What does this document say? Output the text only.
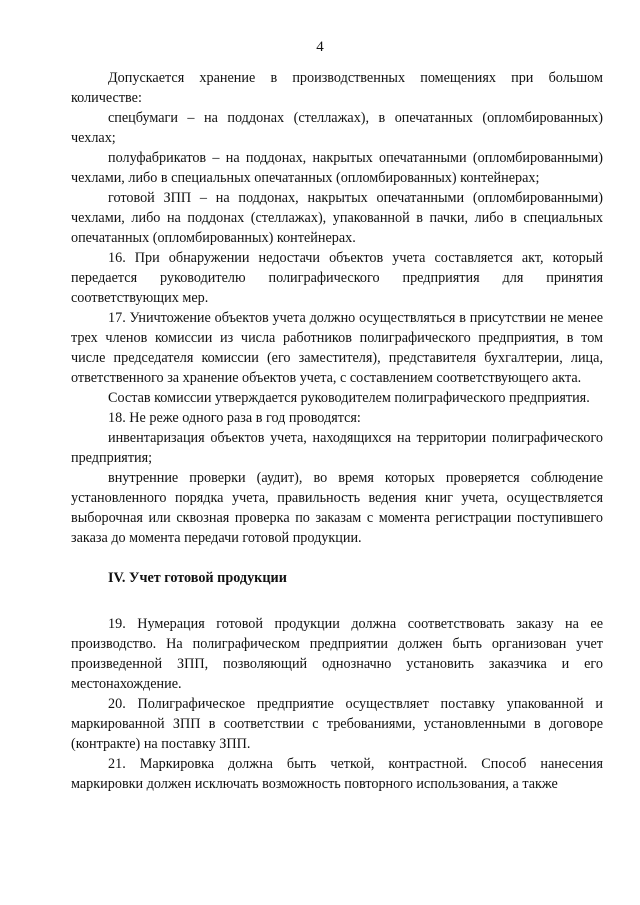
4

Допускается хранение в производственных помещениях при большом количестве:

спецбумаги – на поддонах (стеллажах), в опечатанных (опломбированных) чехлах;

полуфабрикатов – на поддонах, накрытых опечатанными (опломбированными) чехлами, либо в специальных опечатанных (опломбированных) контейнерах;

готовой ЗПП – на поддонах, накрытых опечатанными (опломбированными) чехлами, либо на поддонах (стеллажах), упакованной в пачки, либо в специальных опечатанных (опломбированных) контейнерах.

16. При обнаружении недостачи объектов учета составляется акт, который передается руководителю полиграфического предприятия для принятия соответствующих мер.

17. Уничтожение объектов учета должно осуществляться в присутствии не менее трех членов комиссии из числа работников полиграфического предприятия, в том числе председателя комиссии (его заместителя), представителя бухгалтерии, лица, ответственного за хранение объектов учета, с составлением соответствующего акта.

Состав комиссии утверждается руководителем полиграфического предприятия.

18. Не реже одного раза в год проводятся:

инвентаризация объектов учета, находящихся на территории полиграфического предприятия;

внутренние проверки (аудит), во время которых проверяется соблюдение установленного порядка учета, правильность ведения книг учета, осуществляется выборочная или сквозная проверка по заказам с момента регистрации поступившего заказа до момента передачи готовой продукции.

IV. Учет готовой продукции

19. Нумерация готовой продукции должна соответствовать заказу на ее производство. На полиграфическом предприятии должен быть организован учет произведенной ЗПП, позволяющий однозначно установить заказчика и его местонахождение.

20. Полиграфическое предприятие осуществляет поставку упакованной и маркированной ЗПП в соответствии с требованиями, установленными в договоре (контракте) на поставку ЗПП.

21. Маркировка должна быть четкой, контрастной. Способ нанесения маркировки должен исключать возможность повторного использования, а также
